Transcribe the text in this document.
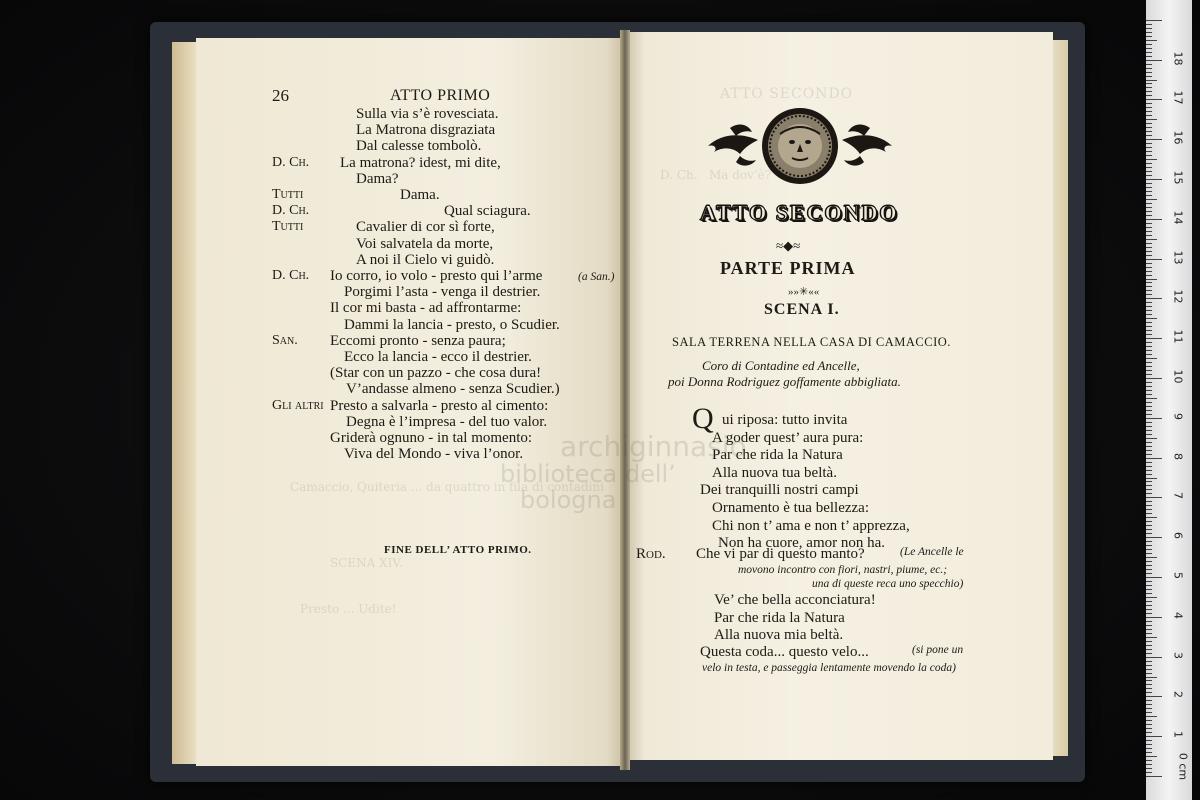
ATTO SECONDO
D. Ch.   Ma dov’è?
Camaccio, Quiteria ... da quattro in fila di contadini
SCENA XIV.
Presto ... Udite!
archiginnasio
biblioteca dell’
bologna
26	ATTO PRIMO
Sulla via s’è rovesciata.
La Matrona disgraziata
Dal calesse tombolò.
D. Ch. La matrona? idest, mi dite,
Dama?
Tutti	Dama.
D. Ch.	Qual sciagura.
Tutti	Cavalier di cor sì forte,
Voi salvatela da morte,
A noi il Cielo vi guidò.
D. Ch. Io corro, io volo - presto qui l’arme	(a San.)
Porgimi l’asta - venga il destrier.
Il cor mi basta - ad affrontarme:
Dammi la lancia - presto, o Scudier.
San. Eccomi pronto - senza paura;
Ecco la lancia - ecco il destrier.
(Star con un pazzo - che cosa dura!
V’andasse almeno - senza Scudier.)
Gli altri Presto a salvarla - presto al cimento:
Degna è l’impresa - del tuo valor.
Griderà ognuno - in tal momento:
Viva del Mondo - viva l’onor.
FINE DELL’ ATTO PRIMO.
ATTO SECONDO
≈◆≈
PARTE PRIMA
»»✳««
SCENA I.
SALA TERRENA NELLA CASA DI CAMACCIO.
Coro di Contadine ed Ancelle,
poi Donna Rodriguez goffamente abbigliata.
Q ui riposa: tutto invita
A goder quest’ aura pura:
Par che rida la Natura
Alla nuova tua beltà.
Dei tranquilli nostri campi
Ornamento è tua bellezza:
Chi non t’ ama e non t’ apprezza,
Non ha cuore, amor non ha.
Rod. Che vi par di questo manto?	(Le Ancelle le
movono incontro con fiori, nastri, piume, ec.;
una di queste reca uno specchio)
Ve’ che bella acconciatura!
Par che rida la Natura
Alla nuova mia beltà.
Questa coda... questo velo...	(si pone un
velo in testa, e passeggia lentamente movendo la coda)
0 cm
1
2
3
4
5
6
7
8
9
10
11
12
13
14
15
16
17
18
